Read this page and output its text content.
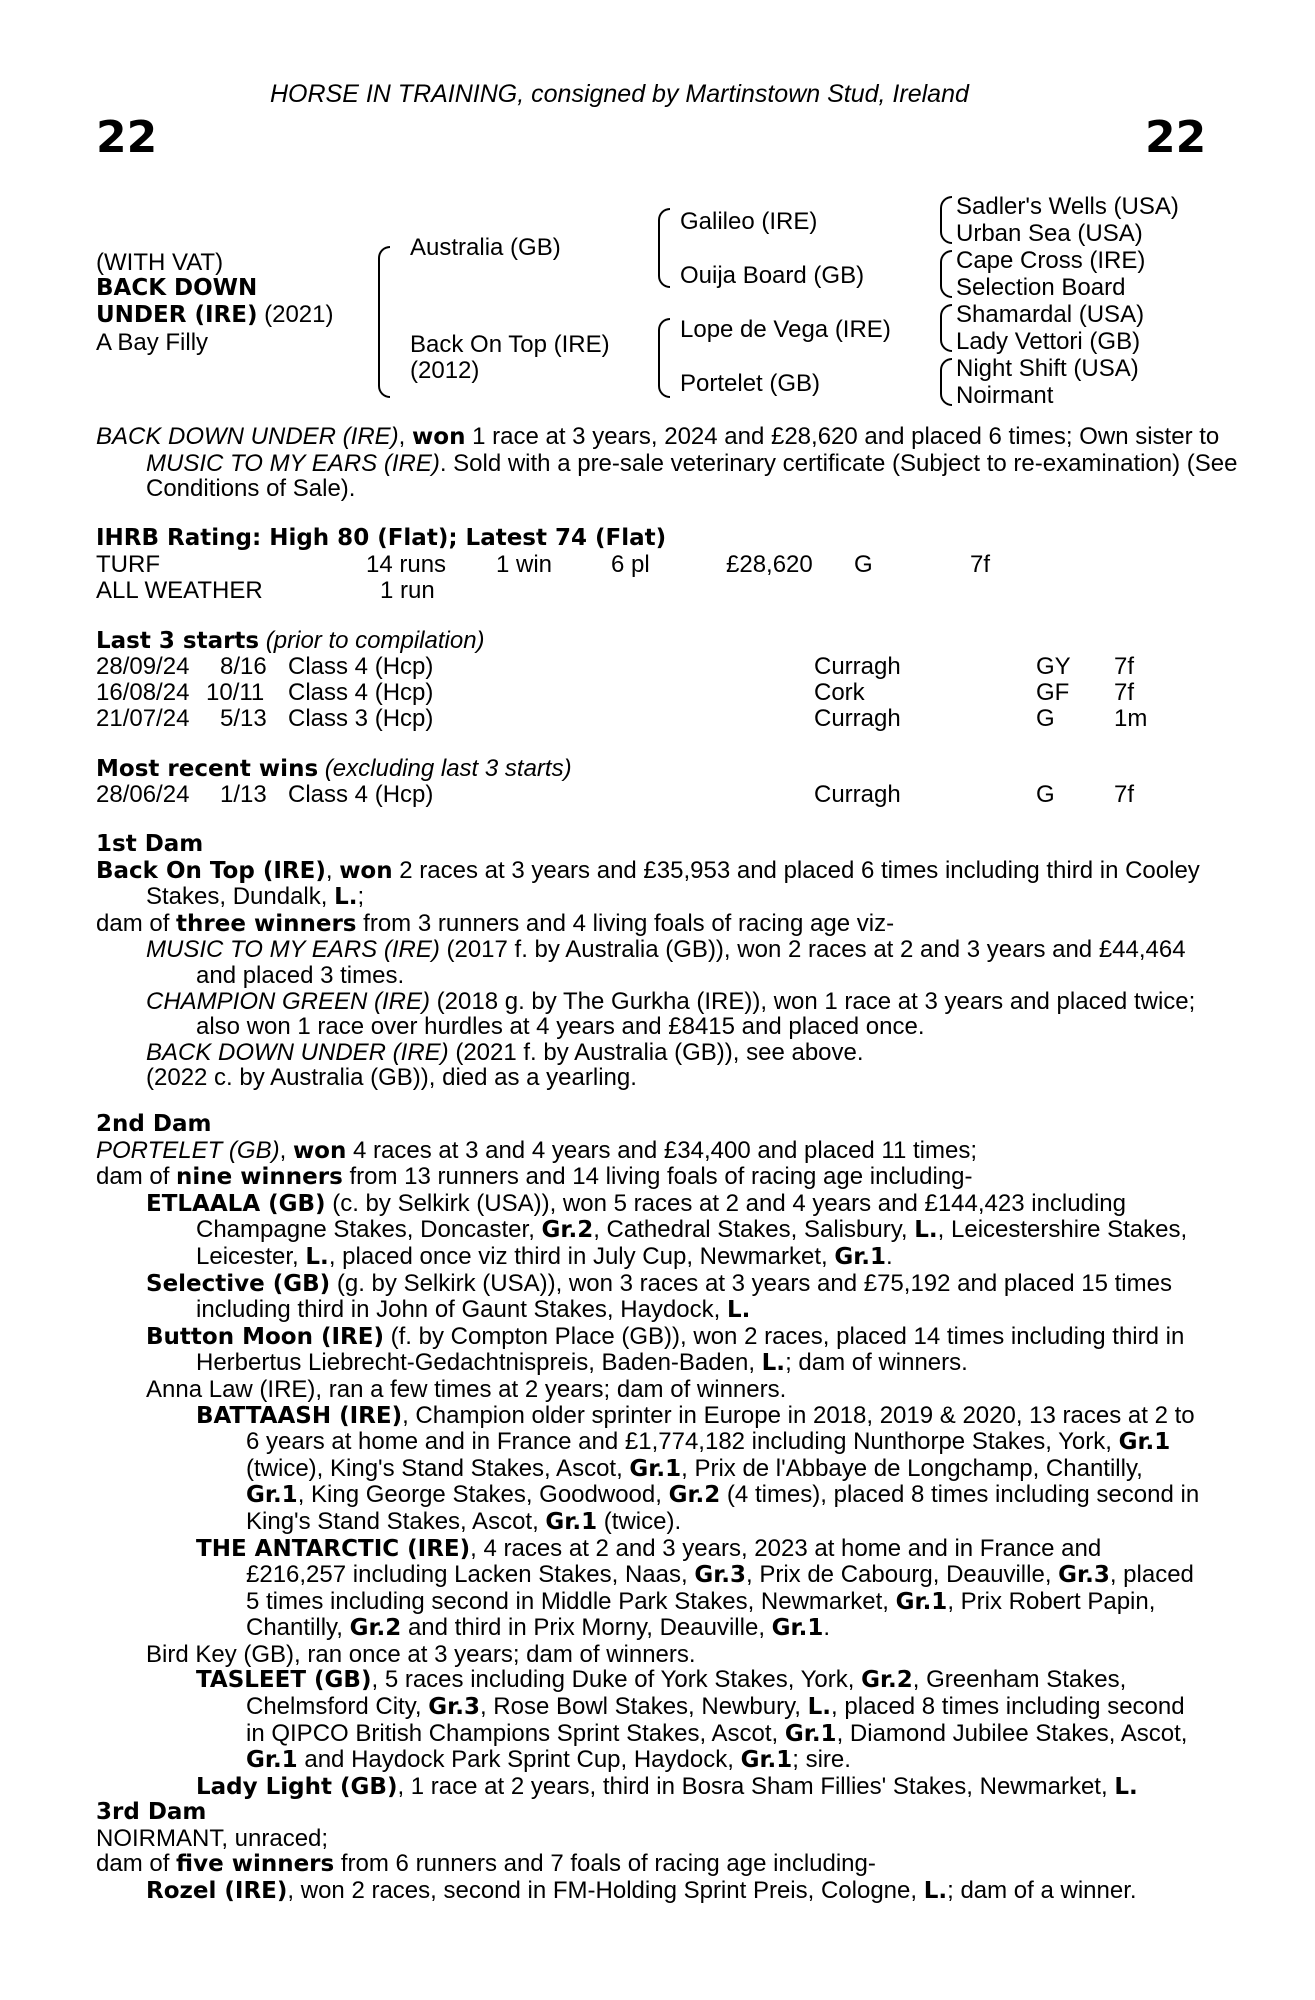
HORSE IN TRAINING, consigned by Martinstown Stud, Ireland
22	22
(WITH VAT)
BACK DOWN
UNDER (IRE) (2021)
A Bay Filly
Australia (GB)
Back On Top (IRE)
(2012)
Galileo (IRE)
Ouija Board (GB)
Lope de Vega (IRE)
Portelet (GB)
Sadler's Wells (USA)
Urban Sea (USA)
Cape Cross (IRE)
Selection Board
Shamardal (USA)
Lady Vettori (GB)
Night Shift (USA)
Noirmant
BACK DOWN UNDER (IRE), won 1 race at 3 years, 2024 and £28,620 and placed 6 times; Own sister to MUSIC TO MY EARS (IRE). Sold with a pre-sale veterinary certificate (Subject to re-examination) (See Conditions of Sale).
IHRB Rating: High 80 (Flat); Latest 74 (Flat)
TURF	14 runs 1 win 6 pl	£28,620 G	7f
ALL WEATHER	1 run
Last 3 starts (prior to compilation)
28/09/24 8/16 Class 4 (Hcp)	Curragh	GY 7f
16/08/24 10/11 Class 4 (Hcp)	Cork	GF 7f
21/07/24 5/13 Class 3 (Hcp)	Curragh	G 1m
Most recent wins (excluding last 3 starts)
28/06/24 1/13 Class 4 (Hcp)	Curragh	G 7f
1st Dam
Back On Top (IRE), won 2 races at 3 years and £35,953 and placed 6 times including third in Cooley Stakes, Dundalk, L.;
dam of three winners from 3 runners and 4 living foals of racing age viz-
MUSIC TO MY EARS (IRE) (2017 f. by Australia (GB)), won 2 races at 2 and 3 years and £44,464 and placed 3 times.
CHAMPION GREEN (IRE) (2018 g. by The Gurkha (IRE)), won 1 race at 3 years and placed twice; also won 1 race over hurdles at 4 years and £8415 and placed once.
BACK DOWN UNDER (IRE) (2021 f. by Australia (GB)), see above.
(2022 c. by Australia (GB)), died as a yearling.
2nd Dam
PORTELET (GB), won 4 races at 3 and 4 years and £34,400 and placed 11 times;
dam of nine winners from 13 runners and 14 living foals of racing age including-
ETLAALA (GB) (c. by Selkirk (USA)), won 5 races at 2 and 4 years and £144,423 including Champagne Stakes, Doncaster, Gr.2, Cathedral Stakes, Salisbury, L., Leicestershire Stakes, Leicester, L., placed once viz third in July Cup, Newmarket, Gr.1.
Selective (GB) (g. by Selkirk (USA)), won 3 races at 3 years and £75,192 and placed 15 times including third in John of Gaunt Stakes, Haydock, L.
Button Moon (IRE) (f. by Compton Place (GB)), won 2 races, placed 14 times including third in Herbertus Liebrecht-Gedachtnispreis, Baden-Baden, L.; dam of winners.
Anna Law (IRE), ran a few times at 2 years; dam of winners.
BATTAASH (IRE), Champion older sprinter in Europe in 2018, 2019 & 2020, 13 races at 2 to 6 years at home and in France and £1,774,182 including Nunthorpe Stakes, York, Gr.1 (twice), King's Stand Stakes, Ascot, Gr.1, Prix de l'Abbaye de Longchamp, Chantilly, Gr.1, King George Stakes, Goodwood, Gr.2 (4 times), placed 8 times including second in King's Stand Stakes, Ascot, Gr.1 (twice).
THE ANTARCTIC (IRE), 4 races at 2 and 3 years, 2023 at home and in France and £216,257 including Lacken Stakes, Naas, Gr.3, Prix de Cabourg, Deauville, Gr.3, placed 5 times including second in Middle Park Stakes, Newmarket, Gr.1, Prix Robert Papin, Chantilly, Gr.2 and third in Prix Morny, Deauville, Gr.1.
Bird Key (GB), ran once at 3 years; dam of winners.
TASLEET (GB), 5 races including Duke of York Stakes, York, Gr.2, Greenham Stakes, Chelmsford City, Gr.3, Rose Bowl Stakes, Newbury, L., placed 8 times including second in QIPCO British Champions Sprint Stakes, Ascot, Gr.1, Diamond Jubilee Stakes, Ascot, Gr.1 and Haydock Park Sprint Cup, Haydock, Gr.1; sire.
Lady Light (GB), 1 race at 2 years, third in Bosra Sham Fillies' Stakes, Newmarket, L.
3rd Dam
NOIRMANT, unraced;
dam of five winners from 6 runners and 7 foals of racing age including-
Rozel (IRE), won 2 races, second in FM-Holding Sprint Preis, Cologne, L.; dam of a winner.
